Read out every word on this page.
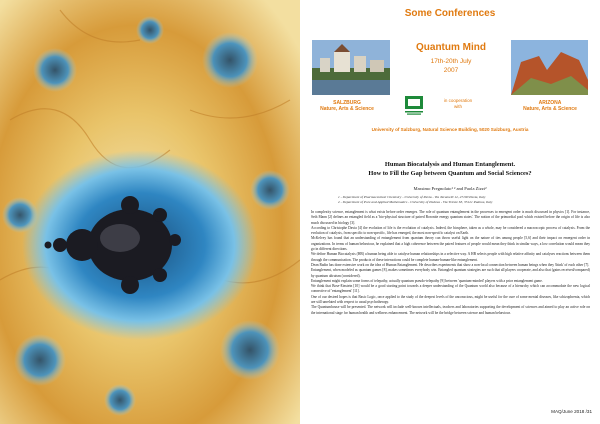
Some Conferences
Quantum Mind
17th-20th July
2007
SALZBURG
Nature, Arts & Science
in cooperation
with
ARIZONA
Nature, Arts & Science
University of Salzburg, Natural Science Building, 5020 Salzburg, Austria
Human Biocatalysis and Human Entanglement.
How to Fill the Gap between Quantum and Social Sciences?
Massimo Pregnolato¹ ² and Paola Zizzi²
1 - Department of Pharmaceutical Chemistry - University of Pavia - Via Taramelli 12, 27100 Pavia, Italy
2 - Department of Pure and Applied Mathematics - University of Padova - Via Trieste 63, 35121 Padova, Italy

In complexity science, entanglement is what exists before order emerges. The role of quantum entanglement in the processes to emergent order is much discussed in physics [1]. For instance, Seth Mann [2] defines an entangled field as a 'bio-physical structure of paired Boronite energy quantum states'. The notion of the primordial pool which existed before the origin of life is also much discussed in biology [3].

According to Christophe Davia [4] the evolution of life is the evolution of catalysis. Indeed, the biosphere, taken as a whole, may be considered a macroscopic process of catalysis. From the evolution of catalysis, from specific to non-specific, life has emerged, the most non-specific catalyst on Earth.

McKelvey has found that an understanding of entanglement from quantum theory can throw useful light on the nature of ties among people [5,6] and their impact on emergent order in organizations. In terms of human behaviour, he explained that a high coherence between the paired features of people would mean they think in similar ways, a low correlation would mean they go in different directions.

We define Human Biocatalysis (HB) a human being able to catalyse human relationships in a selective way. A HB selects people with high relative affinity and catalyses reactions between them through the communication. The products of these interactions could be complete human-human-like entanglement.

Dean Radin has done extensive work on the idea of Human Entanglement. He describes experiments that show a non-local connection between human beings when they 'think' of each other [7].

Entanglement, when modeled as quantum games [8], makes sometimes everybody win. Entangled quantum strategies are such that all players cooperate, and also that (gains received/compared) by quantum altruism (considered).

Entanglement might explain some forms of telepathy, actually quantum pseudo-telepathy [9] between 'quantum-minded' players with a prior entanglement game.

We think that Bose-Einstein [10] would be a good starting point towards a deeper understanding of the Quantum world also because of a hierarchy which can accommodate the new logical connective of 'entanglement' [11].

One of our desired hopes is that Basic Logic, once applied to the study of the deepest levels of the unconscious, might be useful for the cure of some mental diseases, like schizophrenia, which are still unrelated with respect to usual psychotherapy.

The Quantumhouse will be presented. The network will include well-known intellectuals, teachers and laboratories supporting the development of sciences and aimed to play an active role on the international stage for human health and wellness enhancement. The network will be the bridge between science and human behaviour.

MAQ/June 2018 /31
